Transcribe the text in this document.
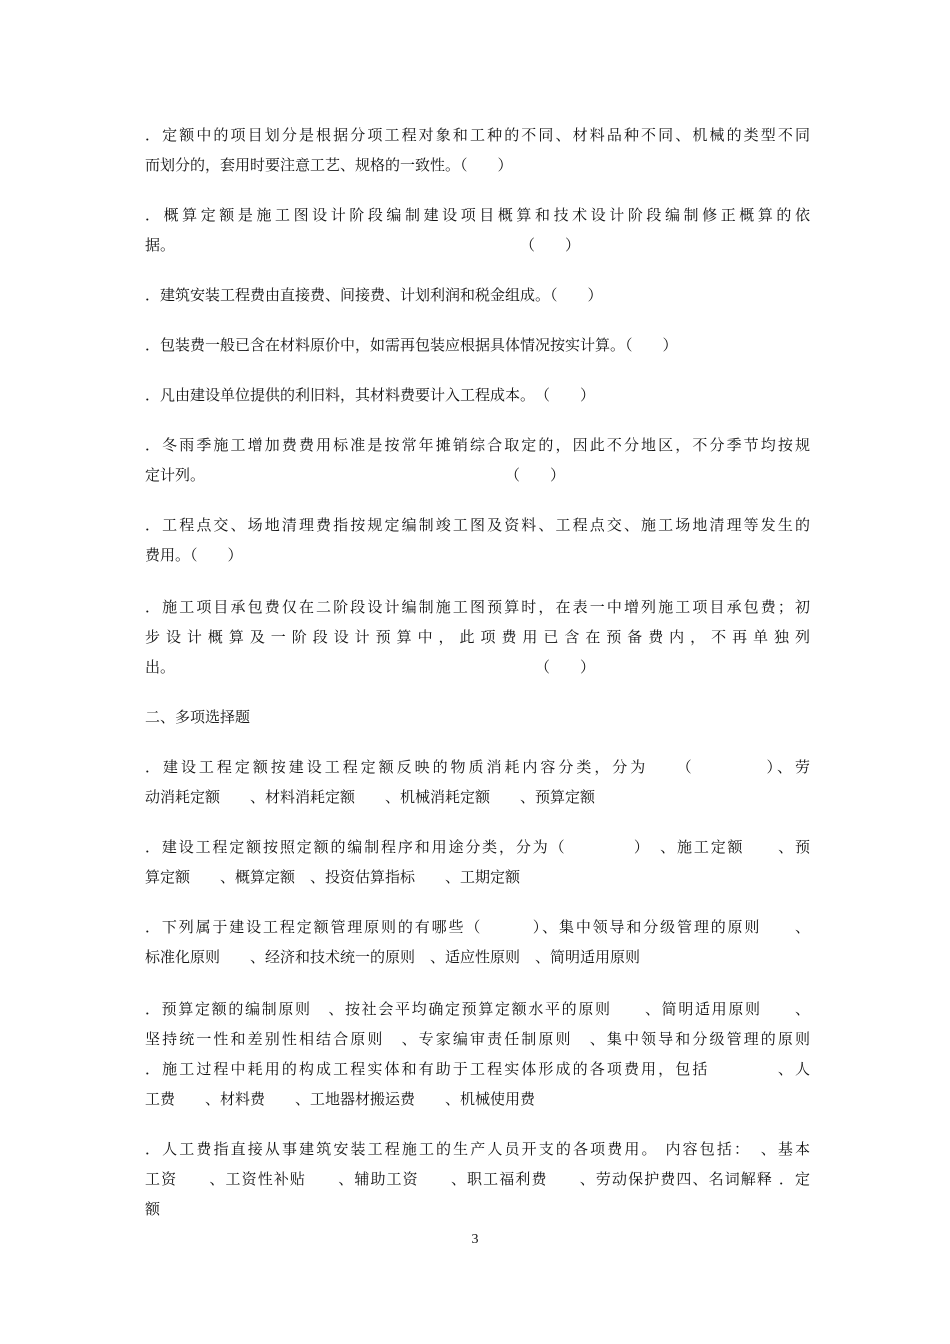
．定额中的项目划分是根据分项工程对象和工种的不同、材料品种不同、机械的类型不同
而划分的，套用时要注意工艺、规格的一致性。（　　）
．概算定额是施工图设计阶段编制建设项目概算和技术设计阶段编制修正概算的依
据。　　　　　　　　　　　　　　　　　　　　　　　　（　　）
．建筑安装工程费由直接费、间接费、计划利润和税金组成。（　　）
．包装费一般已含在材料原价中，如需再包装应根据具体情况按实计算。（　　）
．凡由建设单位提供的利旧料，其材料费要计入工程成本。　（　　）
．冬雨季施工增加费费用标准是按常年摊销综合取定的，因此不分地区，不分季节均按规
定计列。　　　　　　　　　　　　　　　　　　　　　（　　）
．工程点交、场地清理费指按规定编制竣工图及资料、工程点交、施工场地清理等发生的
费用。（　　）
．施工项目承包费仅在二阶段设计编制施工图预算时，在表一中增列施工项目承包费；初
步设计概算及一阶段设计预算中，此项费用已含在预备费内，不再单独列
出。　　　　　　　　　　　　　　　　　　　　　　　　　（　　）

二、多项选择题

．建设工程定额按建设工程定额反映的物质消耗内容分类，分为　　（　　　　）、劳
动消耗定额　　、材料消耗定额　　、机械消耗定额　　、预算定额
．建设工程定额按照定额的编制程序和用途分类，分为（　　　　）　、施工定额　　、预
算定额　　、概算定额　、投资估算指标　　、工期定额
．下列属于建设工程定额管理原则的有哪些（　　　）、集中领导和分级管理的原则　　、
标准化原则　　、经济和技术统一的原则　、适应性原则　、简明适用原则
．预算定额的编制原则　、按社会平均确定预算定额水平的原则　　、简明适用原则　　、
坚持统一性和差别性相结合原则　、专家编审责任制原则　、集中领导和分级管理的原则
．施工过程中耗用的构成工程实体和有助于工程实体形成的各项费用，包括　　　　、人
工费　　、材料费　　、工地器材搬运费　　、机械使用费
．人工费指直接从事建筑安装工程施工的生产人员开支的各项费用。 内容包括：　、基本
工资　　、工资性补贴　　、辅助工资　　、职工福利费　　、劳动保护费四、名词解释 ．定
额
3
